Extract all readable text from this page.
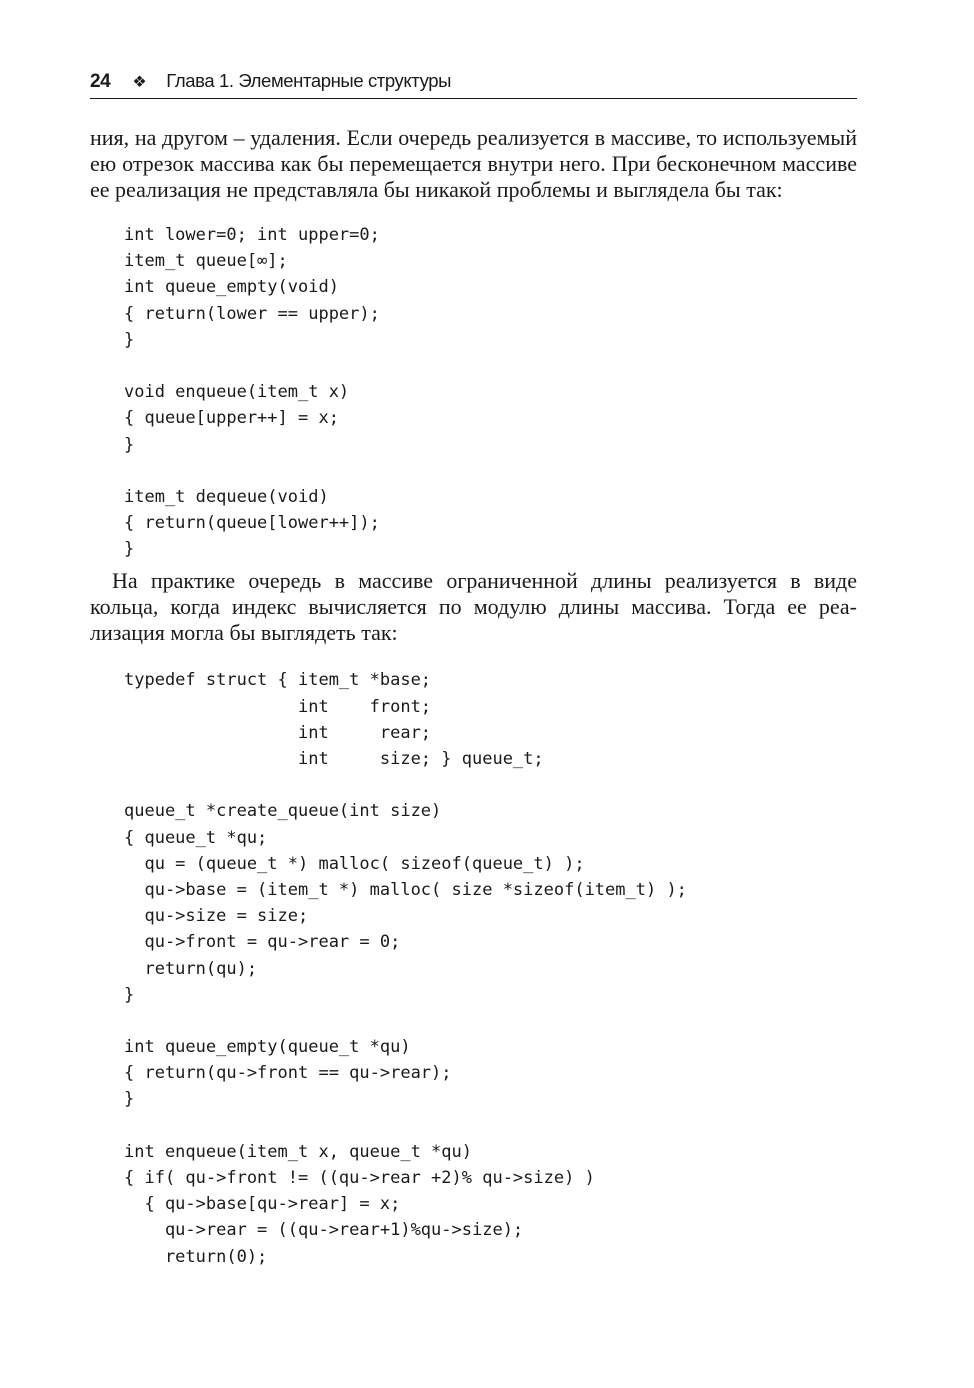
24 ❖ Глава 1. Элементарные структуры

ния, на другом – удаления. Если очередь реализуется в массиве, то используемый ею отрезок массива как бы перемещается внутри него. При бесконечном массиве ее реализация не представляла бы никакой проблемы и выглядела бы так:

int lower=0; int upper=0;
item_t queue[∞];
int queue_empty(void)
{ return(lower == upper);
}
void enqueue(item_t x)
{ queue[upper++] = x;
}
item_t dequeue(void)
{ return(queue[lower++]);
}

На практике очередь в массиве ограниченной длины реализуется в виде кольца, когда индекс вычисляется по модулю длины массива. Тогда ее реализация могла бы выглядеть так:

typedef struct { item_t *base;
int    front;
int     rear;
int     size; } queue_t;
queue_t *create_queue(int size)
{ queue_t *qu;
qu = (queue_t *) malloc( sizeof(queue_t) );
qu->base = (item_t *) malloc( size *sizeof(item_t) );
qu->size = size;
qu->front = qu->rear = 0;
return(qu);
}
int queue_empty(queue_t *qu)
{ return(qu->front == qu->rear);
}
int enqueue(item_t x, queue_t *qu)
{ if( qu->front != ((qu->rear +2)% qu->size) )
{ qu->base[qu->rear] = x;
qu->rear = ((qu->rear+1)%qu->size);
return(0);
